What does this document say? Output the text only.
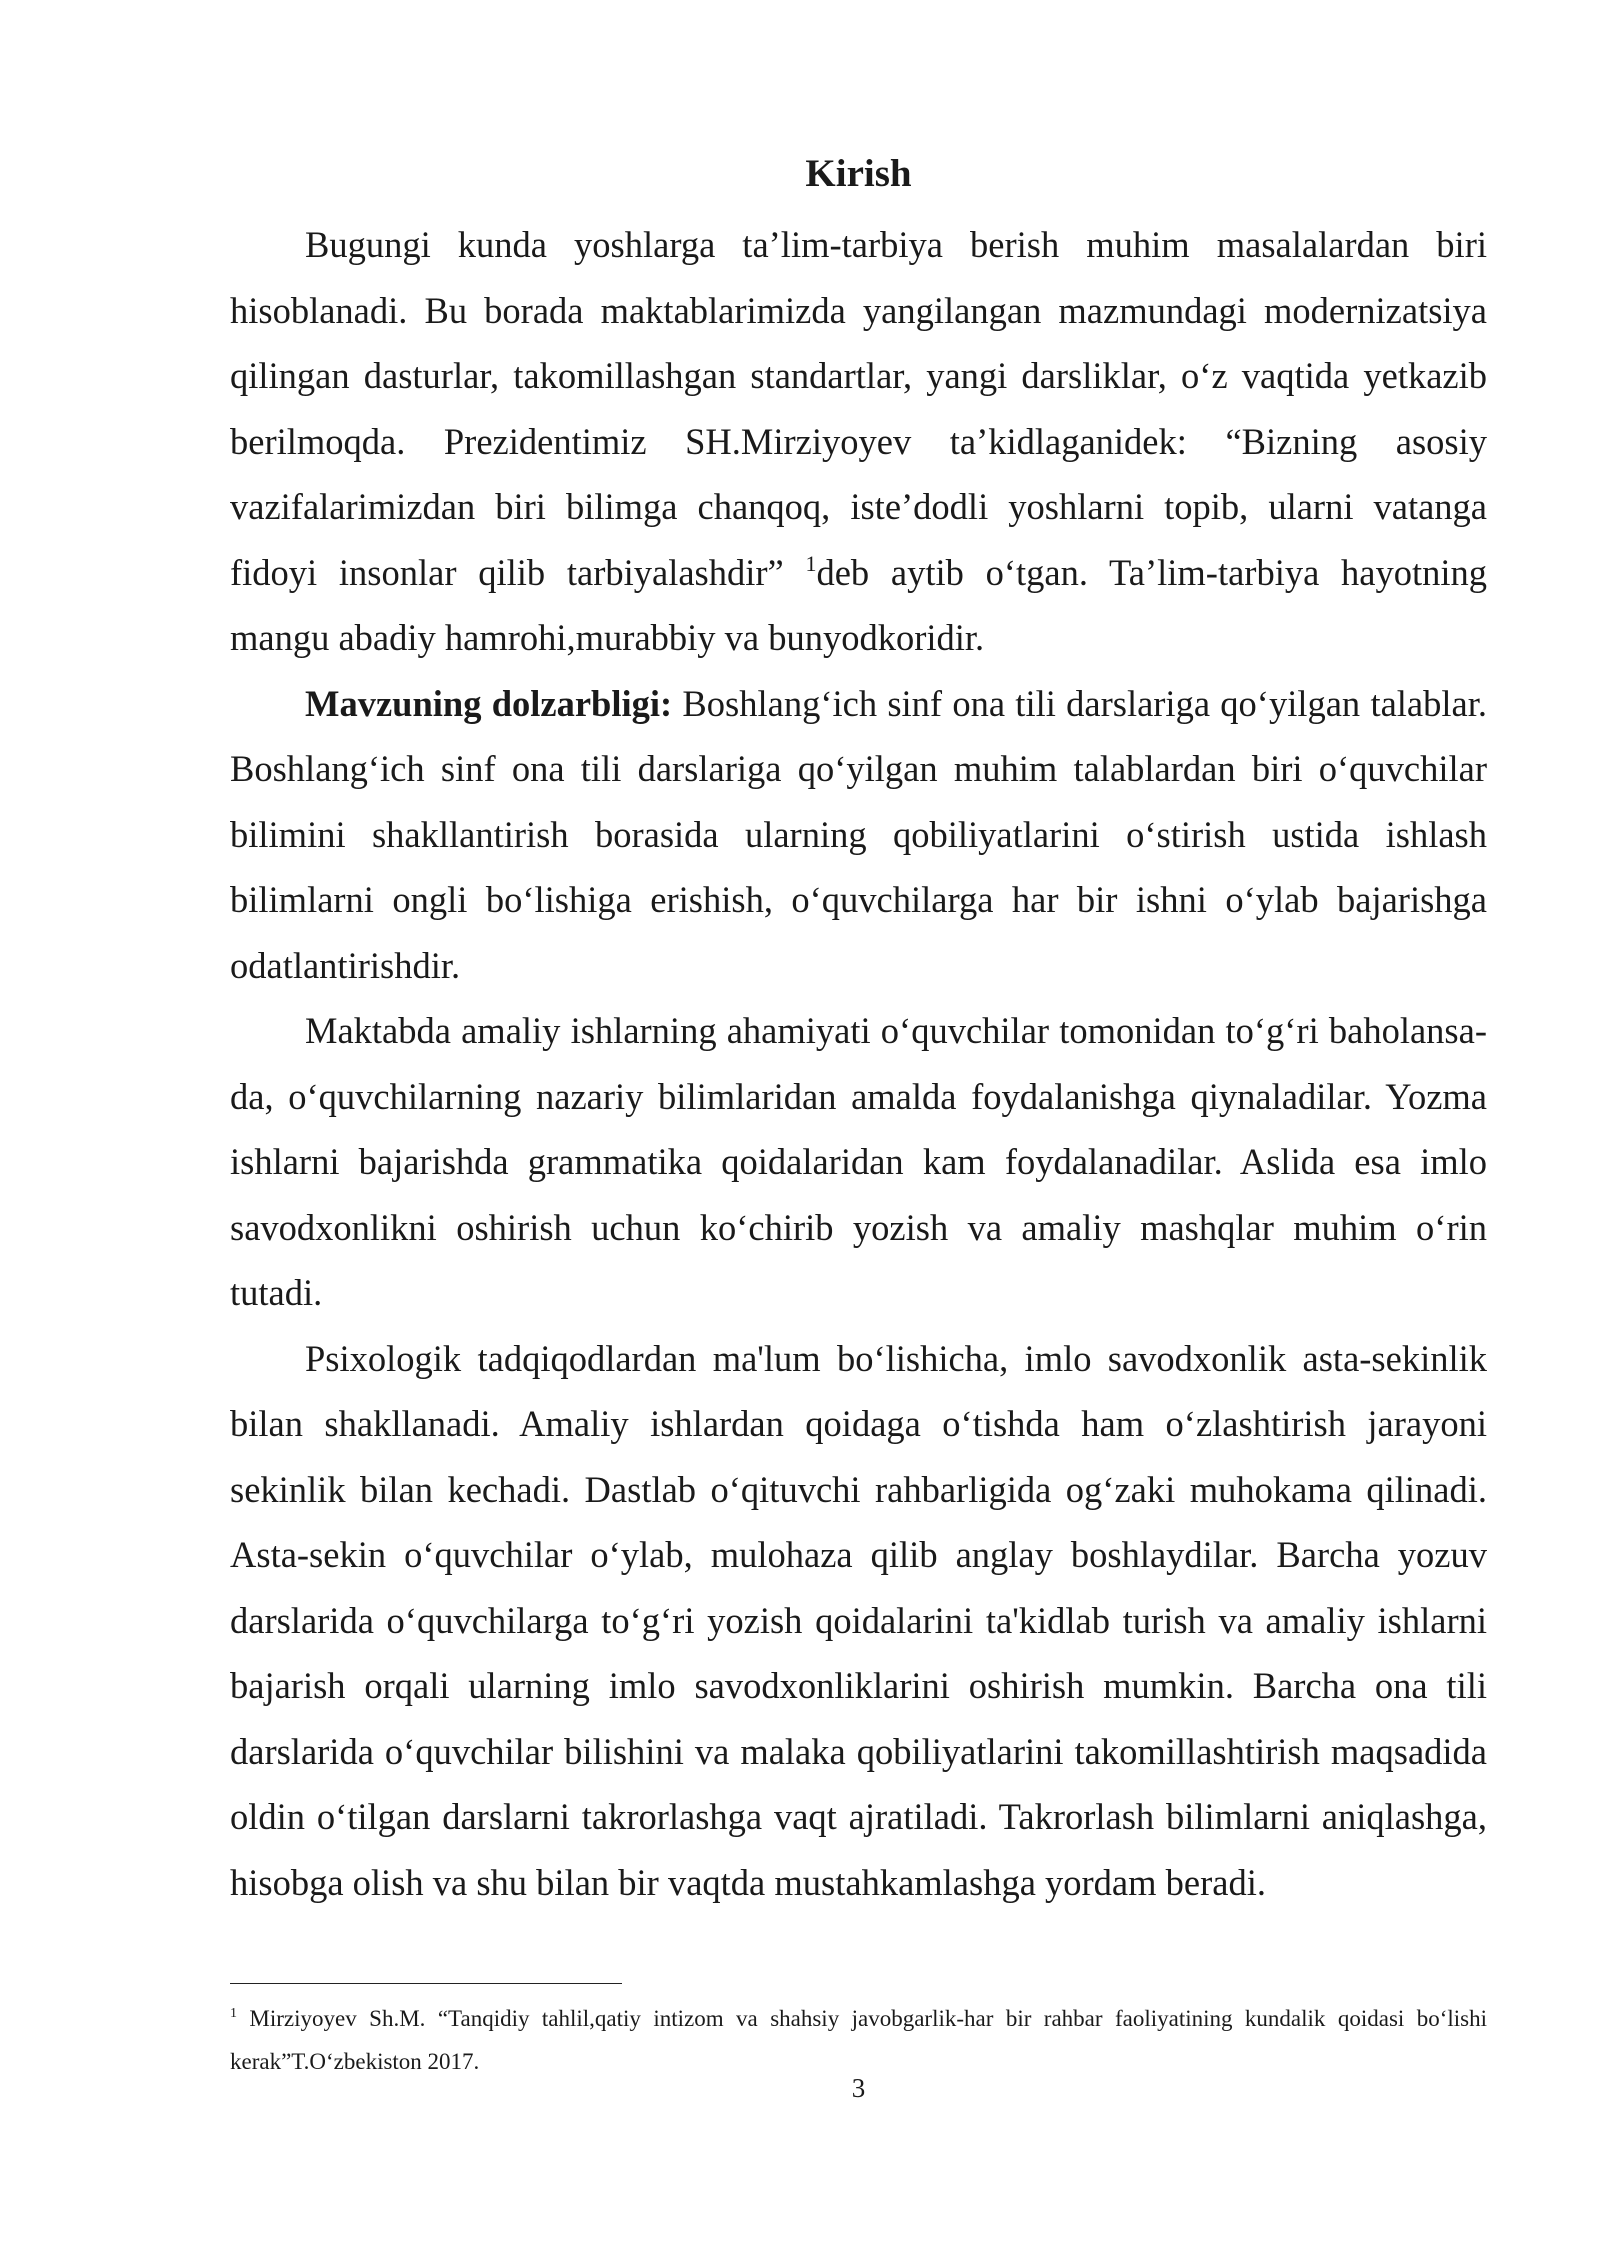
Kirish

Bugungi kunda yoshlarga ta’lim-tarbiya berish muhim masalalardan biri hisoblanadi. Bu borada maktablarimizda yangilangan mazmundagi modernizatsiya qilingan dasturlar, takomillashgan standartlar, yangi darsliklar, o‘z vaqtida yetkazib berilmoqda. Prezidentimiz SH.Mirziyoyev ta’kidlaganidek: “Bizning asosiy vazifalarimizdan biri bilimga chanqoq, iste’dodli yoshlarni topib, ularni vatanga fidoyi insonlar qilib tarbiyalashdir” $^1$deb aytib o‘tgan. Ta’lim-tarbiya hayotning mangu abadiy hamrohi,murabbiy va bunyodkoridir.

Mavzuning dolzarbligi: Boshlang‘ich sinf ona tili darslariga qo‘yilgan talablar. Boshlang‘ich sinf ona tili darslariga qo‘yilgan muhim talablardan biri o‘quvchilar bilimini shakllantirish borasida ularning qobiliyatlarini o‘stirish ustida ishlash bilimlarni ongli bo‘lishiga erishish, o‘quvchilarga har bir ishni o‘ylab bajarishga odatlantirishdir.

Maktabda amaliy ishlarning ahamiyati o‘quvchilar tomonidan to‘g‘ri baholansa-da, o‘quvchilarning nazariy bilimlaridan amalda foydalanishga qiynaladilar. Yozma ishlarni bajarishda grammatika qoidalaridan kam foydalanadilar. Aslida esa imlo savodxonlikni oshirish uchun ko‘chirib yozish va amaliy mashqlar muhim o‘rin tutadi.

Psixologik tadqiqodlardan ma'lum bo‘lishicha, imlo savodxonlik asta-sekinlik bilan shakllanadi. Amaliy ishlardan qoidaga o‘tishda ham o‘zlashtirish jarayoni sekinlik bilan kechadi. Dastlab o‘qituvchi rahbarligida og‘zaki muhokama qilinadi. Asta-sekin o‘quvchilar o‘ylab, mulohaza qilib anglay boshlaydilar. Barcha yozuv darslarida o‘quvchilarga to‘g‘ri yozish qoidalarini ta'kidlab turish va amaliy ishlarni bajarish orqali ularning imlo savodxonliklarini oshirish mumkin. Barcha ona tili darslarida o‘quvchilar bilishini va malaka qobiliyatlarini takomillashtirish maqsadida oldin o‘tilgan darslarni takrorlashga vaqt ajratiladi. Takrorlash bilimlarni aniqlashga, hisobga olish va shu bilan bir vaqtda mustahkamlashga yordam beradi.

$^1$ Mirziyoyev Sh.M. “Tanqidiy tahlil,qatiy intizom va shahsiy javobgarlik-har bir rahbar faoliyatining kundalik qoidasi bo‘lishi kerak”T.O‘zbekiston 2017.
3
